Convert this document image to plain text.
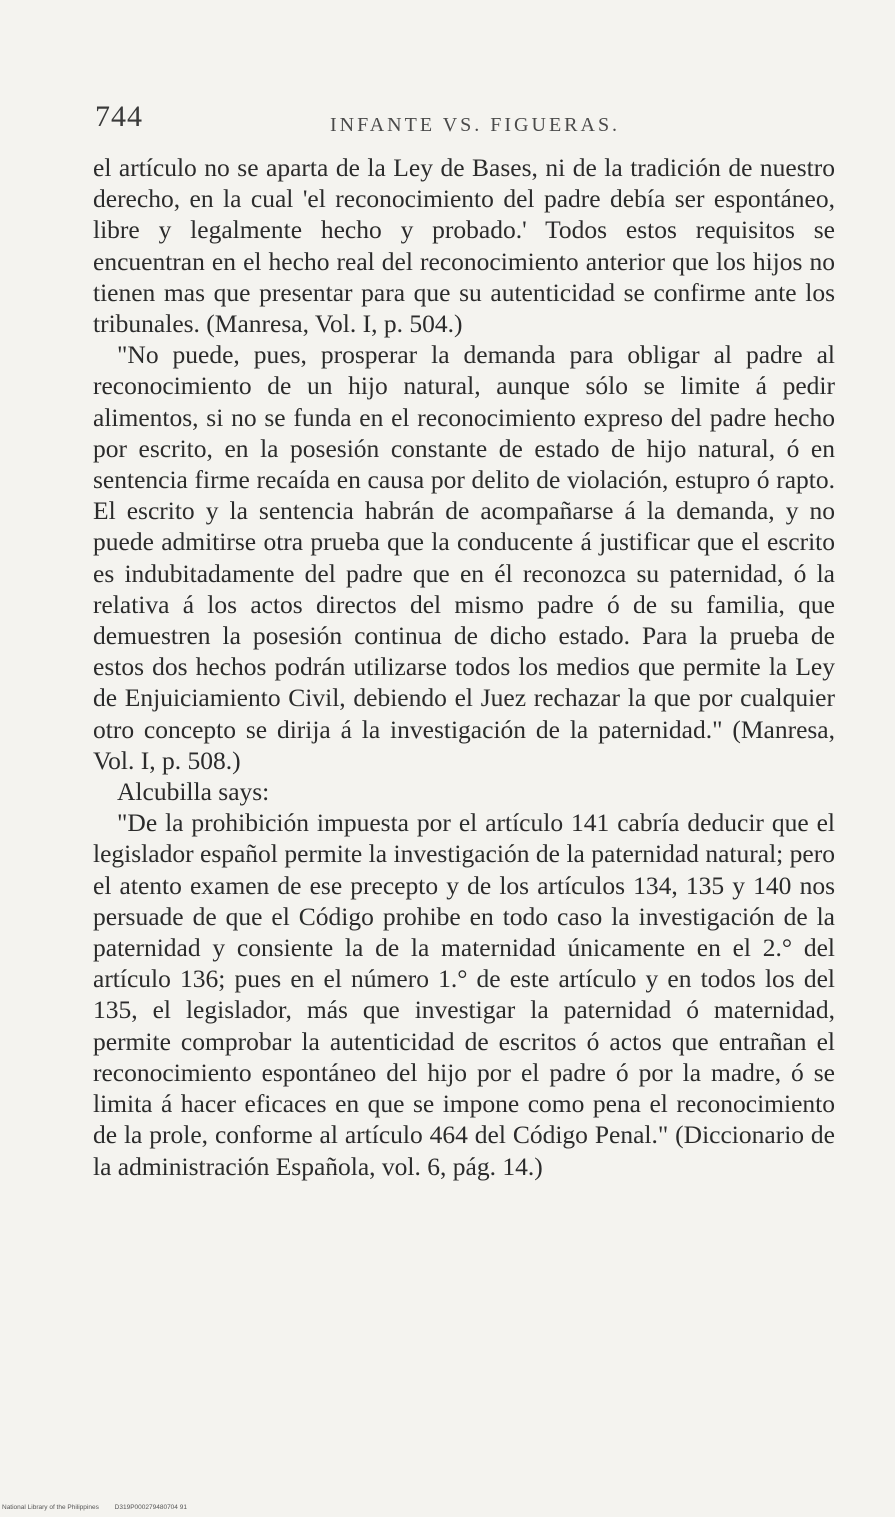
744	INFANTE VS. FIGUERAS.

el artículo no se aparta de la Ley de Bases, ni de la tradición de nuestro derecho, en la cual 'el reconocimiento del padre debía ser espontáneo, libre y legalmente hecho y probado.' Todos estos requisitos se encuentran en el hecho real del reconocimiento anterior que los hijos no tienen mas que presentar para que su autenticidad se confirme ante los tribunales. (Manresa, Vol. I, p. 504.)

"No puede, pues, prosperar la demanda para obligar al padre al reconocimiento de un hijo natural, aunque sólo se limite á pedir alimentos, si no se funda en el reconocimiento expreso del padre hecho por escrito, en la posesión constante de estado de hijo natural, ó en sentencia firme recaída en causa por delito de violación, estupro ó rapto. El escrito y la sentencia habrán de acompañarse á la demanda, y no puede admitirse otra prueba que la conducente á justificar que el escrito es indubitadamente del padre que en él reconozca su paternidad, ó la relativa á los actos directos del mismo padre ó de su familia, que demuestren la posesión continua de dicho estado. Para la prueba de estos dos hechos podrán utilizarse todos los medios que permite la Ley de Enjuiciamiento Civil, debiendo el Juez rechazar la que por cualquier otro concepto se dirija á la investigación de la paternidad." (Manresa, Vol. I, p. 508.)

Alcubilla says:

"De la prohibición impuesta por el artículo 141 cabría deducir que el legislador español permite la investigación de la paternidad natural; pero el atento examen de ese precepto y de los artículos 134, 135 y 140 nos persuade de que el Código prohibe en todo caso la investigación de la paternidad y consiente la de la maternidad únicamente en el 2.° del artículo 136; pues en el número 1.° de este artículo y en todos los del 135, el legislador, más que investigar la paternidad ó maternidad, permite comprobar la autenticidad de escritos ó actos que entrañan el reconocimiento espontáneo del hijo por el padre ó por la madre, ó se limita á hacer eficaces en que se impone como pena el reconocimiento de la prole, conforme al artículo 464 del Código Penal." (Diccionario de la administración Española, vol. 6, pág. 14.)

National Library of the Philippines D319P000279480704 91
